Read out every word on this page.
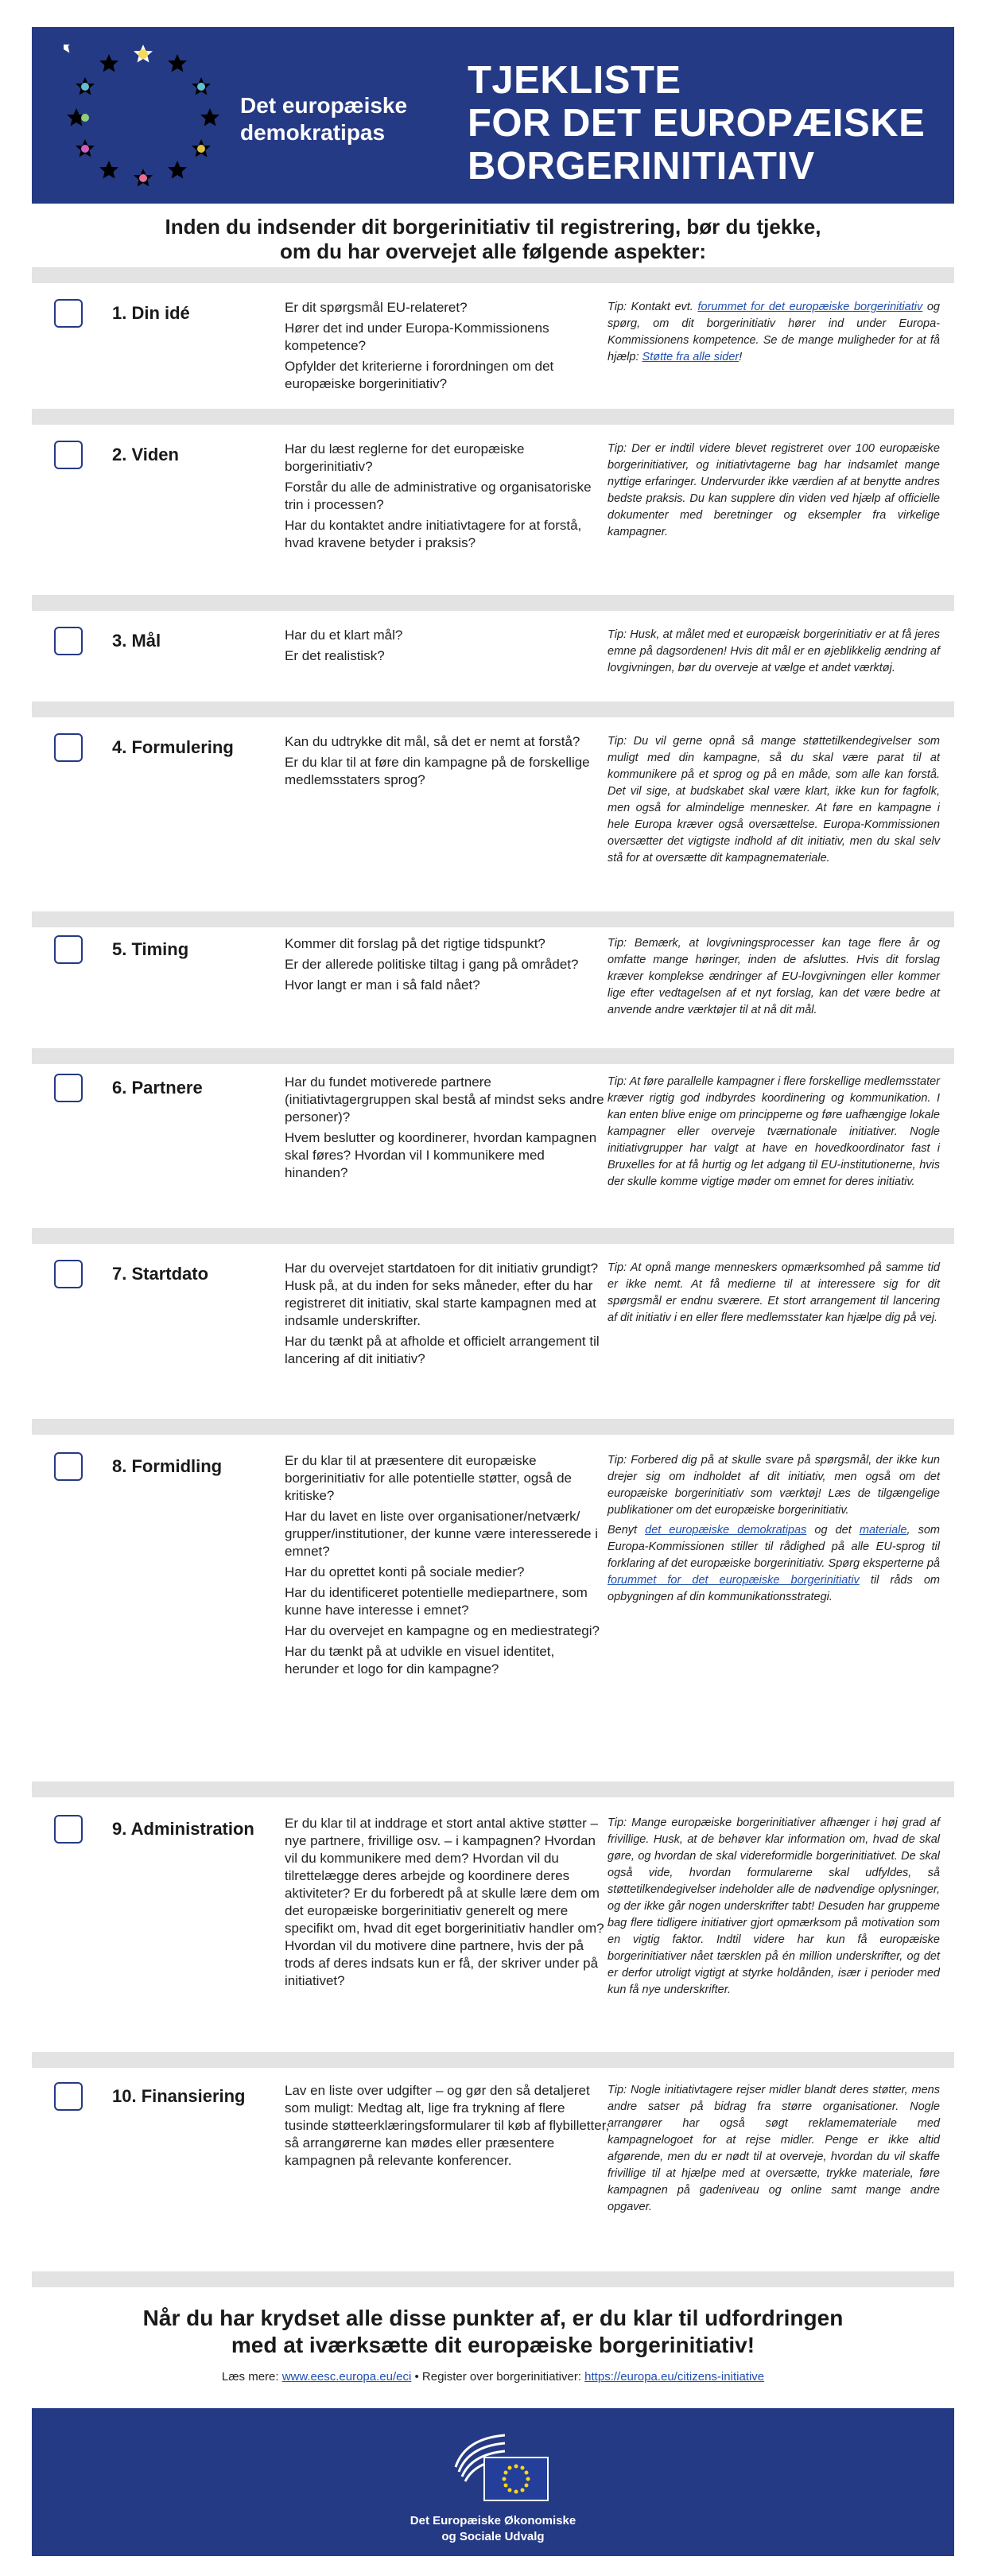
Det europæiske demokratipas
TJEKLISTE
FOR DET EUROPÆISKE
BORGERINITIATIV
Inden du indsender dit borgerinitiativ til registrering, bør du tjekke,
om du har overvejet alle følgende aspekter:
1. Din idé	Er dit spørgsmål EU-relateret?

Hører det ind under Europa-Kommissionens kompetence?

Opfylder det kriterierne i forordningen om det europæiske borgerinitiativ?

Tip: Kontakt evt. forummet for det europæiske borgerinitiativ og spørg, om dit borgerinitiativ hører ind under Europa-Kommissionens kompetence. Se de mange muligheder for at få hjælp: Støtte fra alle sider!

2. Viden	Har du læst reglerne for det europæiske borgerinitiativ?

Forstår du alle de administrative og organisatoriske trin i processen?

Har du kontaktet andre initiativtagere for at forstå, hvad kravene betyder i praksis?

Tip: Der er indtil videre blevet registreret over 100 europæiske borgerinitiativer, og initiativtagerne bag har indsamlet mange nyttige erfaringer. Undervurder ikke værdien af at benytte andres bedste praksis. Du kan supplere din viden ved hjælp af officielle dokumenter med beretninger og eksempler fra virkelige kampagner.

3. Mål	Har du et klart mål?

Er det realistisk?

Tip: Husk, at målet med et europæisk borgerinitiativ er at få jeres emne på dagsordenen! Hvis dit mål er en øjeblikkelig ændring af lovgivningen, bør du overveje at vælge et andet værktøj.

4. Formulering	Kan du udtrykke dit mål, så det er nemt at forstå?

Er du klar til at føre din kampagne på de forskellige medlemsstaters sprog?

Tip: Du vil gerne opnå så mange støttetilkendegivelser som muligt med din kampagne, så du skal være parat til at kommunikere på et sprog og på en måde, som alle kan forstå. Det vil sige, at budskabet skal være klart, ikke kun for fagfolk, men også for almindelige mennesker. At føre en kampagne i hele Europa kræver også oversættelse. Europa-Kommissionen oversætter det vigtigste indhold af dit initiativ, men du skal selv stå for at oversætte dit kampagnemateriale.

5. Timing	Kommer dit forslag på det rigtige tidspunkt?

Er der allerede politiske tiltag i gang på området?

Hvor langt er man i så fald nået?

Tip: Bemærk, at lovgivningsprocesser kan tage flere år og omfatte mange høringer, inden de afsluttes. Hvis dit forslag kræver komplekse ændringer af EU-lovgivningen eller kommer lige efter vedtagelsen af et nyt forslag, kan det være bedre at anvende andre værktøjer til at nå dit mål.

6. Partnere	Har du fundet motiverede partnere (initiativtagergruppen skal bestå af mindst seks andre personer)?

Hvem beslutter og koordinerer, hvordan kampagnen skal føres? Hvordan vil I kommunikere med hinanden?

Tip: At føre parallelle kampagner i flere forskellige medlemsstater kræver rigtig god indbyrdes koordinering og kommunikation. I kan enten blive enige om principperne og føre uafhængige lokale kampagner eller overveje tværnationale initiativer. Nogle initiativgrupper har valgt at have en hovedkoordinator fast i Bruxelles for at få hurtig og let adgang til EU-institutionerne, hvis der skulle komme vigtige møder om emnet for deres initiativ.

7. Startdato	Har du overvejet startdatoen for dit initiativ grundigt? Husk på, at du inden for seks måneder, efter du har registreret dit initiativ, skal starte kampagnen med at indsamle underskrifter.

Har du tænkt på at afholde et officielt arrangement til lancering af dit initiativ?

Tip: At opnå mange menneskers opmærksomhed på samme tid er ikke nemt. At få medierne til at interessere sig for dit spørgsmål er endnu sværere. Et stort arrangement til lancering af dit initiativ i en eller flere medlemsstater kan hjælpe dig på vej.

8. Formidling	Er du klar til at præsentere dit europæiske borgerinitiativ for alle potentielle støtter, også de kritiske?

Har du lavet en liste over organisationer/netværk/ grupper/institutioner, der kunne være interesserede i emnet?

Har du oprettet konti på sociale medier?

Har du identificeret potentielle mediepartnere, som kunne have interesse i emnet?

Har du overvejet en kampagne og en mediestrategi?

Har du tænkt på at udvikle en visuel identitet, herunder et logo for din kampagne?

Tip: Forbered dig på at skulle svare på spørgsmål, der ikke kun drejer sig om indholdet af dit initiativ, men også om det europæiske borgerinitiativ som værktøj! Læs de tilgængelige publikationer om det europæiske borgerinitiativ.

Benyt det europæiske demokratipas og det materiale, som Europa-Kommissionen stiller til rådighed på alle EU-sprog til forklaring af det europæiske borgerinitiativ. Spørg eksperterne på forummet for det europæiske borgerinitiativ til råds om opbygningen af din kommunikationsstrategi.

9. Administration	Er du klar til at inddrage et stort antal aktive støtter – nye partnere, frivillige osv. – i kampagnen? Hvordan vil du kommunikere med dem? Hvordan vil du tilrettelægge deres arbejde og koordinere deres aktiviteter? Er du forberedt på at skulle lære dem om det europæiske borgerinitiativ generelt og mere specifikt om, hvad dit eget borgerinitiativ handler om? Hvordan vil du motivere dine partnere, hvis der på trods af deres indsats kun er få, der skriver under på initiativet?

Tip: Mange europæiske borgerinitiativer afhænger i høj grad af frivillige. Husk, at de behøver klar information om, hvad de skal gøre, og hvordan de skal videreformidle borgerinitiativet. De skal også vide, hvordan formularerne skal udfyldes, så støttetilkendegivelser indeholder alle de nødvendige oplysninger, og der ikke går nogen underskrifter tabt! Desuden har gruppeme bag flere tidligere initiativer gjort opmærksom på motivation som en vigtig faktor. Indtil videre har kun få europæiske borgerinitiativer nået tærsklen på én million underskrifter, og det er derfor utroligt vigtigt at styrke holdånden, især i perioder med kun få nye underskrifter.

10. Finansiering	Lav en liste over udgifter – og gør den så detaljeret som muligt: Medtag alt, lige fra trykning af flere tusinde støtteerklæringsformularer til køb af flybilletter, så arrangørerne kan mødes eller præsentere kampagnen på relevante konferencer.

Tip: Nogle initiativtagere rejser midler blandt deres støtter, mens andre satser på bidrag fra større organisationer. Nogle arrangører har også søgt reklamemateriale med kampagnelogoet for at rejse midler. Penge er ikke altid afgørende, men du er nødt til at overveje, hvordan du vil skaffe frivillige til at hjælpe med at oversætte, trykke materiale, føre kampagnen på gadeniveau og online samt mange andre opgaver.

Når du har krydset alle disse punkter af, er du klar til udfordringen
med at iværksætte dit europæiske borgerinitiativ!
Læs mere: www.eesc.europa.eu/eci • Register over borgerinitiativer: https://europa.eu/citizens-initiative
Det Europæiske Økonomiske
og Sociale Udvalg
